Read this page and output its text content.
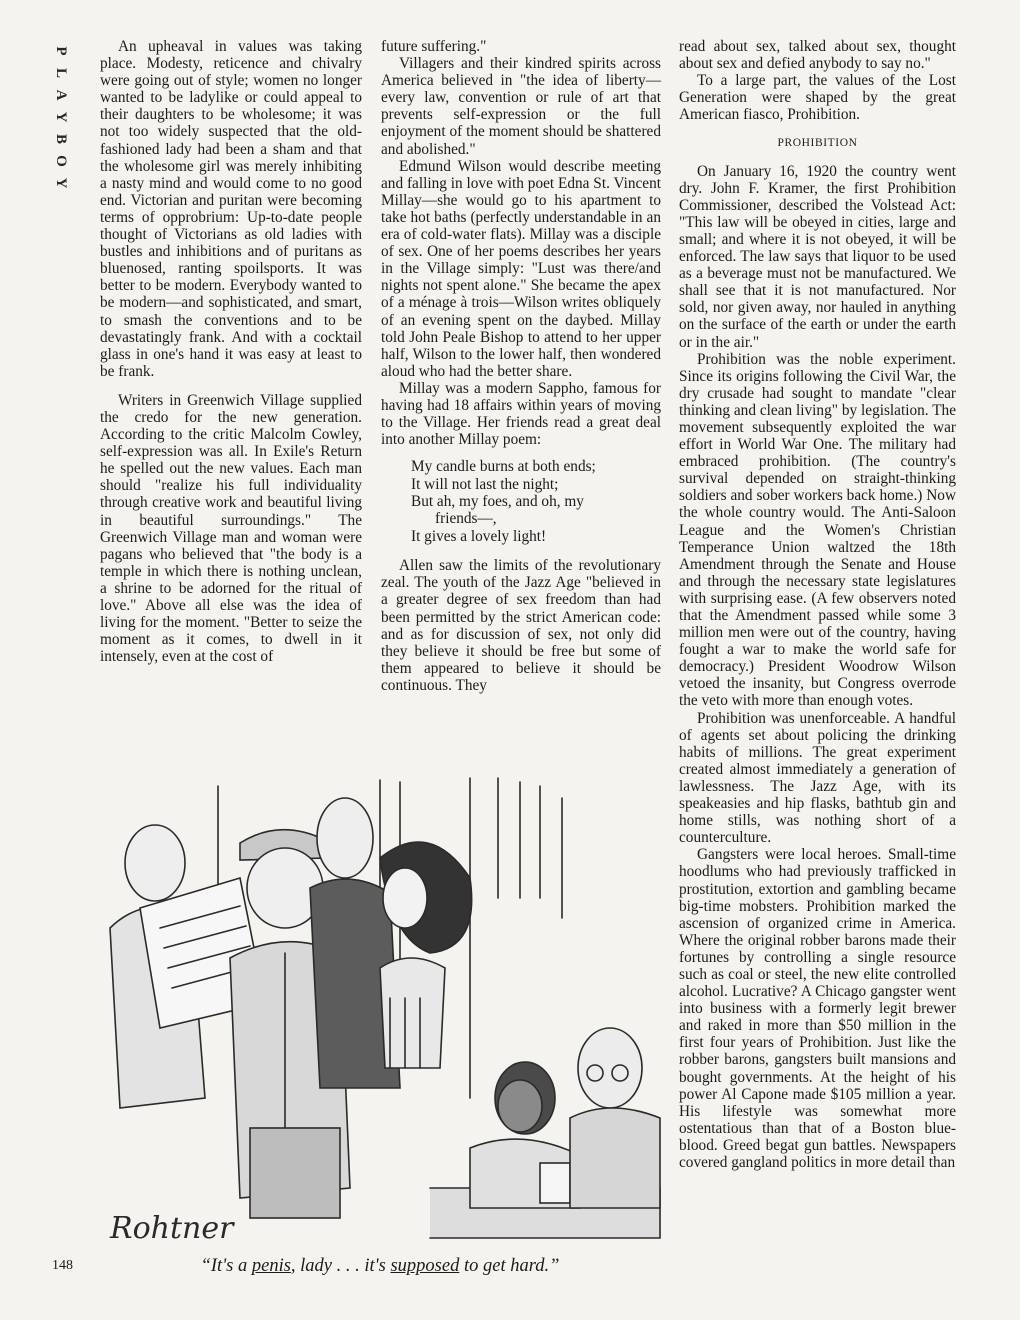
P
L
A
Y
B
O
Y

An upheaval in values was taking place. Modesty, reticence and chivalry were going out of style; women no longer wanted to be ladylike or could appeal to their daughters to be wholesome; it was not too widely suspected that the old-fashioned lady had been a sham and that the wholesome girl was merely inhibiting a nasty mind and would come to no good end. Victorian and puritan were becoming terms of opprobrium: Up-to-date people thought of Victorians as old ladies with bustles and inhibitions and of puritans as bluenosed, ranting spoilsports. It was better to be modern. Everybody wanted to be modern—and sophisticated, and smart, to smash the conventions and to be devastatingly frank. And with a cocktail glass in one's hand it was easy at least to be frank.

Writers in Greenwich Village supplied the credo for the new generation. According to the critic Malcolm Cowley, self-expression was all. In Exile's Return he spelled out the new values. Each man should "realize his full individuality through creative work and beautiful living in beautiful surroundings." The Greenwich Village man and woman were pagans who believed that "the body is a temple in which there is nothing unclean, a shrine to be adorned for the ritual of love." Above all else was the idea of living for the moment. "Better to seize the moment as it comes, to dwell in it intensely, even at the cost of

future suffering."

Villagers and their kindred spirits across America believed in "the idea of liberty—every law, convention or rule of art that prevents self-expression or the full enjoyment of the moment should be shattered and abolished."

Edmund Wilson would describe meeting and falling in love with poet Edna St. Vincent Millay—she would go to his apartment to take hot baths (perfectly understandable in an era of cold-water flats). Millay was a disciple of sex. One of her poems describes her years in the Village simply: "Lust was there/and nights not spent alone." She became the apex of a ménage à trois—Wilson writes obliquely of an evening spent on the daybed. Millay told John Peale Bishop to attend to her upper half, Wilson to the lower half, then wondered aloud who had the better share.

Millay was a modern Sappho, famous for having had 18 affairs within years of moving to the Village. Her friends read a great deal into another Millay poem:

My candle burns at both ends;
It will not last the night;
But ah, my foes, and oh, my
friends—,
It gives a lovely light!

Allen saw the limits of the revolutionary zeal. The youth of the Jazz Age "believed in a greater degree of sex freedom than had been permitted by the strict American code: and as for discussion of sex, not only did they believe it should be free but some of them appeared to believe it should be continuous. They

read about sex, talked about sex, thought about sex and defied anybody to say no."

To a large part, the values of the Lost Generation were shaped by the great American fiasco, Prohibition.

PROHIBITION

On January 16, 1920 the country went dry. John F. Kramer, the first Prohibition Commissioner, described the Volstead Act: "This law will be obeyed in cities, large and small; and where it is not obeyed, it will be enforced. The law says that liquor to be used as a beverage must not be manufactured. We shall see that it is not manufactured. Nor sold, nor given away, nor hauled in anything on the surface of the earth or under the earth or in the air."

Prohibition was the noble experiment. Since its origins following the Civil War, the dry crusade had sought to mandate "clear thinking and clean living" by legislation. The movement subsequently exploited the war effort in World War One. The military had embraced prohibition. (The country's survival depended on straight-thinking soldiers and sober workers back home.) Now the whole country would. The Anti-Saloon League and the Women's Christian Temperance Union waltzed the 18th Amendment through the Senate and House and through the necessary state legislatures with surprising ease. (A few observers noted that the Amendment passed while some 3 million men were out of the country, having fought a war to make the world safe for democracy.) President Woodrow Wilson vetoed the insanity, but Congress overrode the veto with more than enough votes.

Prohibition was unenforceable. A handful of agents set about policing the drinking habits of millions. The great experiment created almost immediately a generation of lawlessness. The Jazz Age, with its speakeasies and hip flasks, bathtub gin and home stills, was nothing short of a counterculture.

Gangsters were local heroes. Small-time hoodlums who had previously trafficked in prostitution, extortion and gambling became big-time mobsters. Prohibition marked the ascension of organized crime in America. Where the original robber barons made their fortunes by controlling a single resource such as coal or steel, the new elite controlled alcohol. Lucrative? A Chicago gangster went into business with a formerly legit brewer and raked in more than $50 million in the first four years of Prohibition. Just like the robber barons, gangsters built mansions and bought governments. At the height of his power Al Capone made $105 million a year. His lifestyle was somewhat more ostentatious than that of a Boston blue-blood. Greed begat gun battles. Newspapers covered gangland politics in more detail than

Rohtner
“It's a penis, lady . . . it's supposed to get hard.”
148
